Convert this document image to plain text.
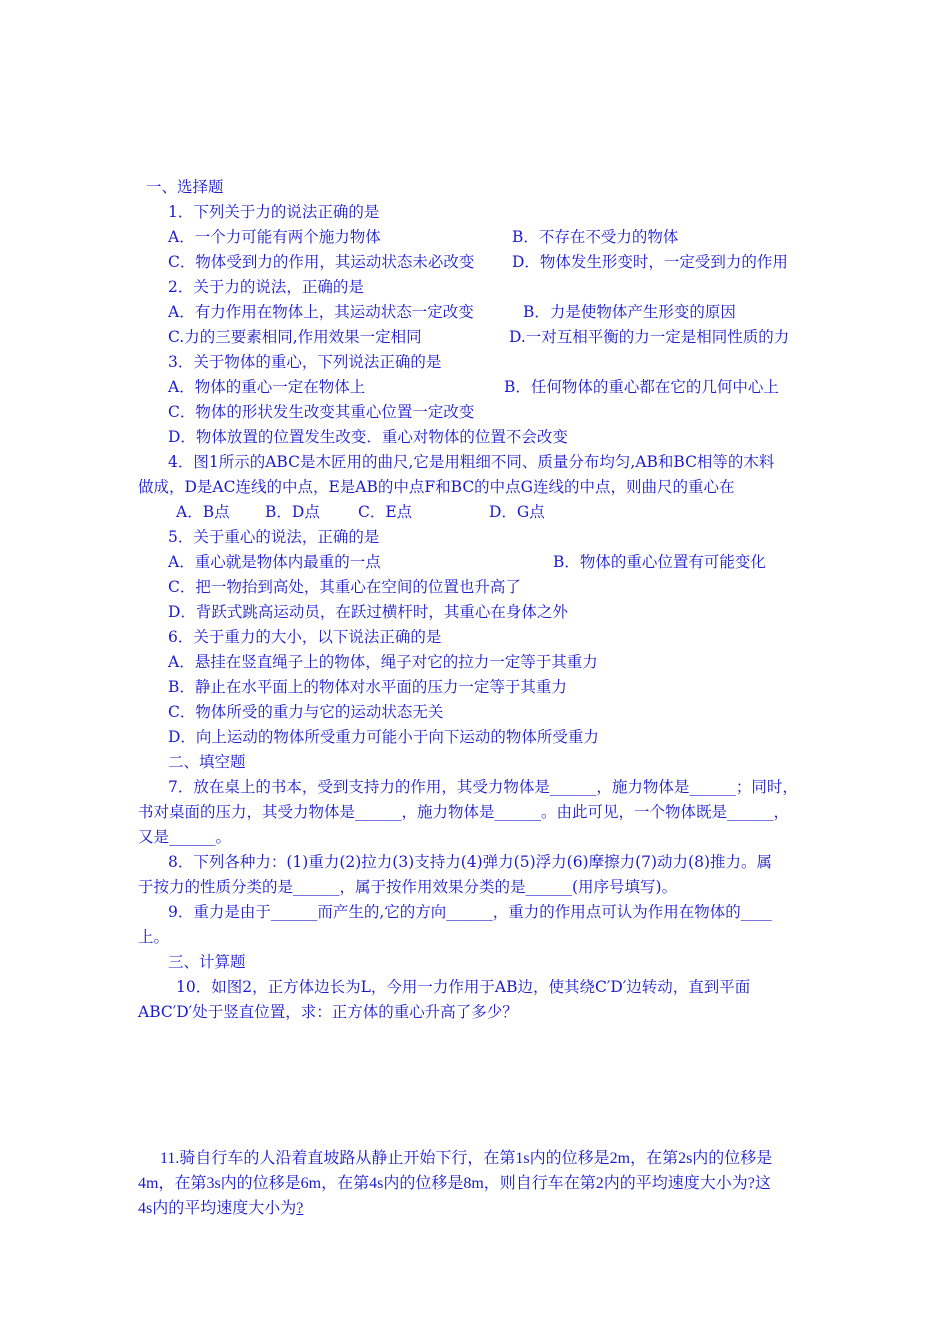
一、选择题
1．下列关于力的说法正确的是
A．一个力可能有两个施力物体	B．不存在不受力的物体
C．物体受到力的作用，其运动状态未必改变 D．物体发生形变时，一定受到力的作用
2．关于力的说法，正确的是
A．有力作用在物体上，其运动状态一定改变	B．力是使物体产生形变的原因
C.力的三要素相同,作用效果一定相同	D.一对互相平衡的力一定是相同性质的力
3．关于物体的重心，下列说法正确的是
A．物体的重心一定在物体上	B．任何物体的重心都在它的几何中心上
C．物体的形状发生改变其重心位置一定改变
D．物体放置的位置发生改变．重心对物体的位置不会改变
4．图1所示的ABC是木匠用的曲尺,它是用粗细不同、质量分布均匀,AB和BC相等的木料
做成，D是AC连线的中点，E是AB的中点F和BC的中点G连线的中点，则曲尺的重心在
A．B点 B．D点 C．E点	D．G点
5．关于重心的说法，正确的是
A．重心就是物体内最重的一点	B．物体的重心位置有可能变化
C．把一物抬到高处，其重心在空间的位置也升高了
D．背跃式跳高运动员，在跃过横杆时，其重心在身体之外
6．关于重力的大小，以下说法正确的是
A．悬挂在竖直绳子上的物体，绳子对它的拉力一定等于其重力
B．静止在水平面上的物体对水平面的压力一定等于其重力
C．物体所受的重力与它的运动状态无关
D．向上运动的物体所受重力可能小于向下运动的物体所受重力
二、填空题
7．放在桌上的书本，受到支持力的作用，其受力物体是______，施力物体是______；同时，
书对桌面的压力，其受力物体是______，施力物体是______。由此可见，一个物体既是______，
又是______。
8．下列各种力：(1)重力(2)拉力(3)支持力(4)弹力(5)浮力(6)摩擦力(7)动力(8)推力。属
于按力的性质分类的是______，属于按作用效果分类的是______(用序号填写)。
9．重力是由于______而产生的,它的方向______，重力的作用点可认为作用在物体的____
上。
三、计算题
10．如图2，正方体边长为L，今用一力作用于AB边，使其绕C′D′边转动，直到平面
ABC′D′处于竖直位置，求：正方体的重心升高了多少？
11.骑自行车的人沿着直坡路从静止开始下行，在第1s内的位移是2m，在第2s内的位移是
4m，在第3s内的位移是6m，在第4s内的位移是8m，则自行车在第2内的平均速度大小为?这
4s内的平均速度大小为?
